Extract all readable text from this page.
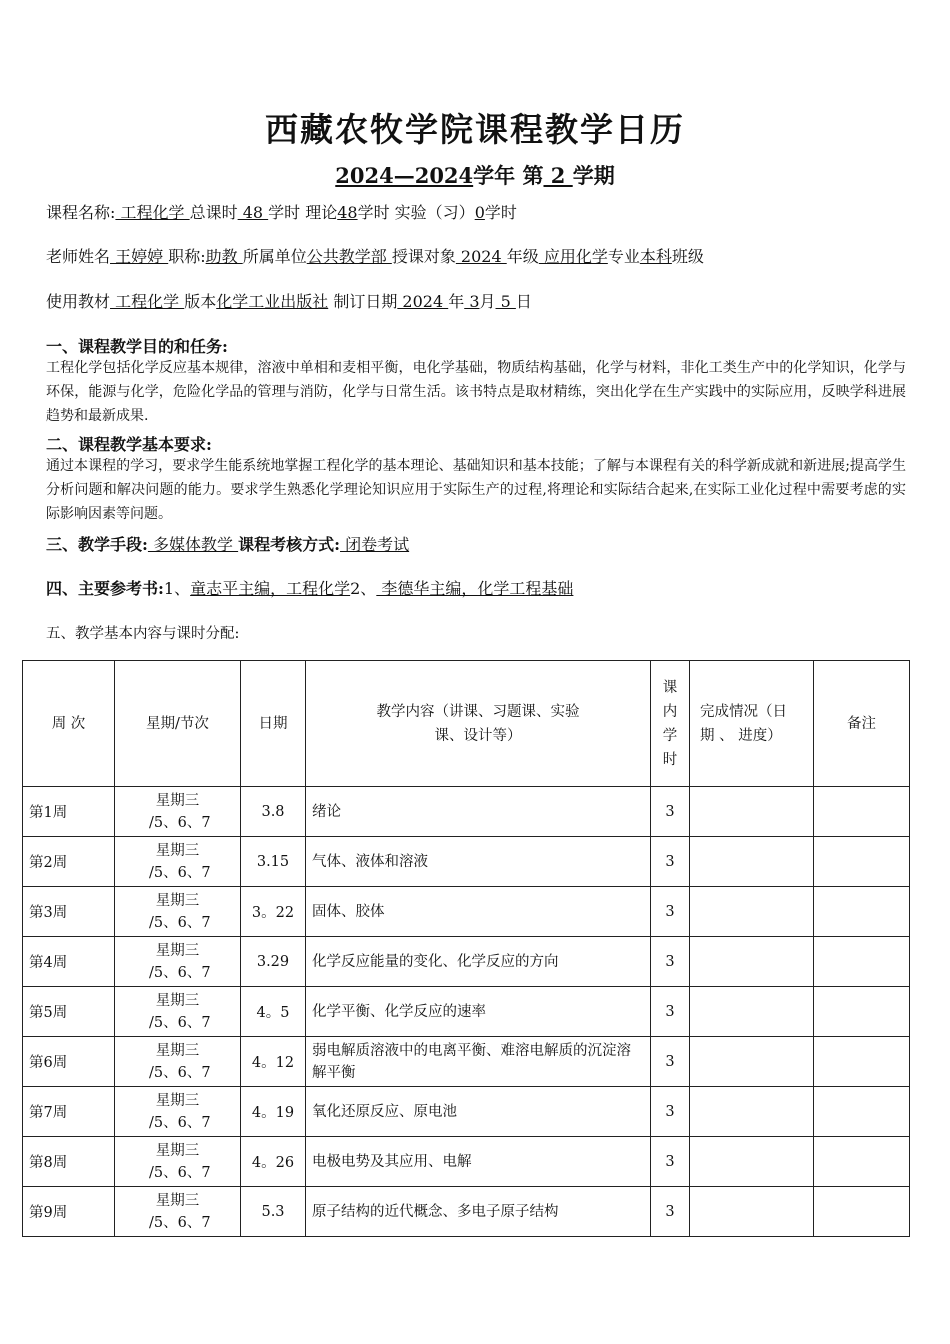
西藏农牧学院课程教学日历
2024—2024学年 第 2 学期
课程名称: 工程化学 总课时 48 学时 理论48学时 实验（习）0学时
老师姓名 王婷婷 职称:助教 所属单位公共教学部 授课对象 2024 年级 应用化学专业本科班级
使用教材 工程化学 版本化学工业出版社 制订日期 2024 年 3月 5 日
一、课程教学目的和任务:
工程化学包括化学反应基本规律，溶液中单相和麦相平衡，电化学基础，物质结构基础，化学与材料，非化工类生产中的化学知识，化学与环保，能源与化学，危险化学品的管理与消防，化学与日常生活。该书特点是取材精练，突出化学在生产实践中的实际应用，反映学科进展趋势和最新成果.
二、课程教学基本要求:
通过本课程的学习，要求学生能系统地掌握工程化学的基本理论、基础知识和基本技能；了解与本课程有关的科学新成就和新进展;提高学生分析问题和解决问题的能力。要求学生熟悉化学理论知识应用于实际生产的过程,将理论和实际结合起来,在实际工业化过程中需要考虑的实际影响因素等问题。
三、教学手段: 多媒体教学 课程考核方式: 闭卷考试
四、主要参考书:1、童志平主编，工程化学2、 李德华主编，化学工程基础
五、教学基本内容与课时分配:
周 次	星期/节次	日期	教学内容（讲课、习题课、实验课、设计等）	课内学时	完成情况（日 期 、 进度）	备注
第1周	星期三
/5、6、7	3.8	绪论	3		
第2周	星期三
/5、6、7	3.15	气体、液体和溶液	3		
第3周	星期三
/5、6、7	3。22	固体、胶体	3		
第4周	星期三
/5、6、7	3.29	化学反应能量的变化、化学反应的方向	3		
第5周	星期三
/5、6、7	4。5	化学平衡、化学反应的速率	3		
第6周	星期三
/5、6、7	4。12	弱电解质溶液中的电离平衡、难溶电解质的沉淀溶解平衡	3		
第7周	星期三
/5、6、7	4。19	氧化还原反应、原电池	3		
第8周	星期三
/5、6、7	4。26	电极电势及其应用、电解	3		
第9周	星期三
/5、6、7	5.3	原子结构的近代概念、多电子原子结构	3		
